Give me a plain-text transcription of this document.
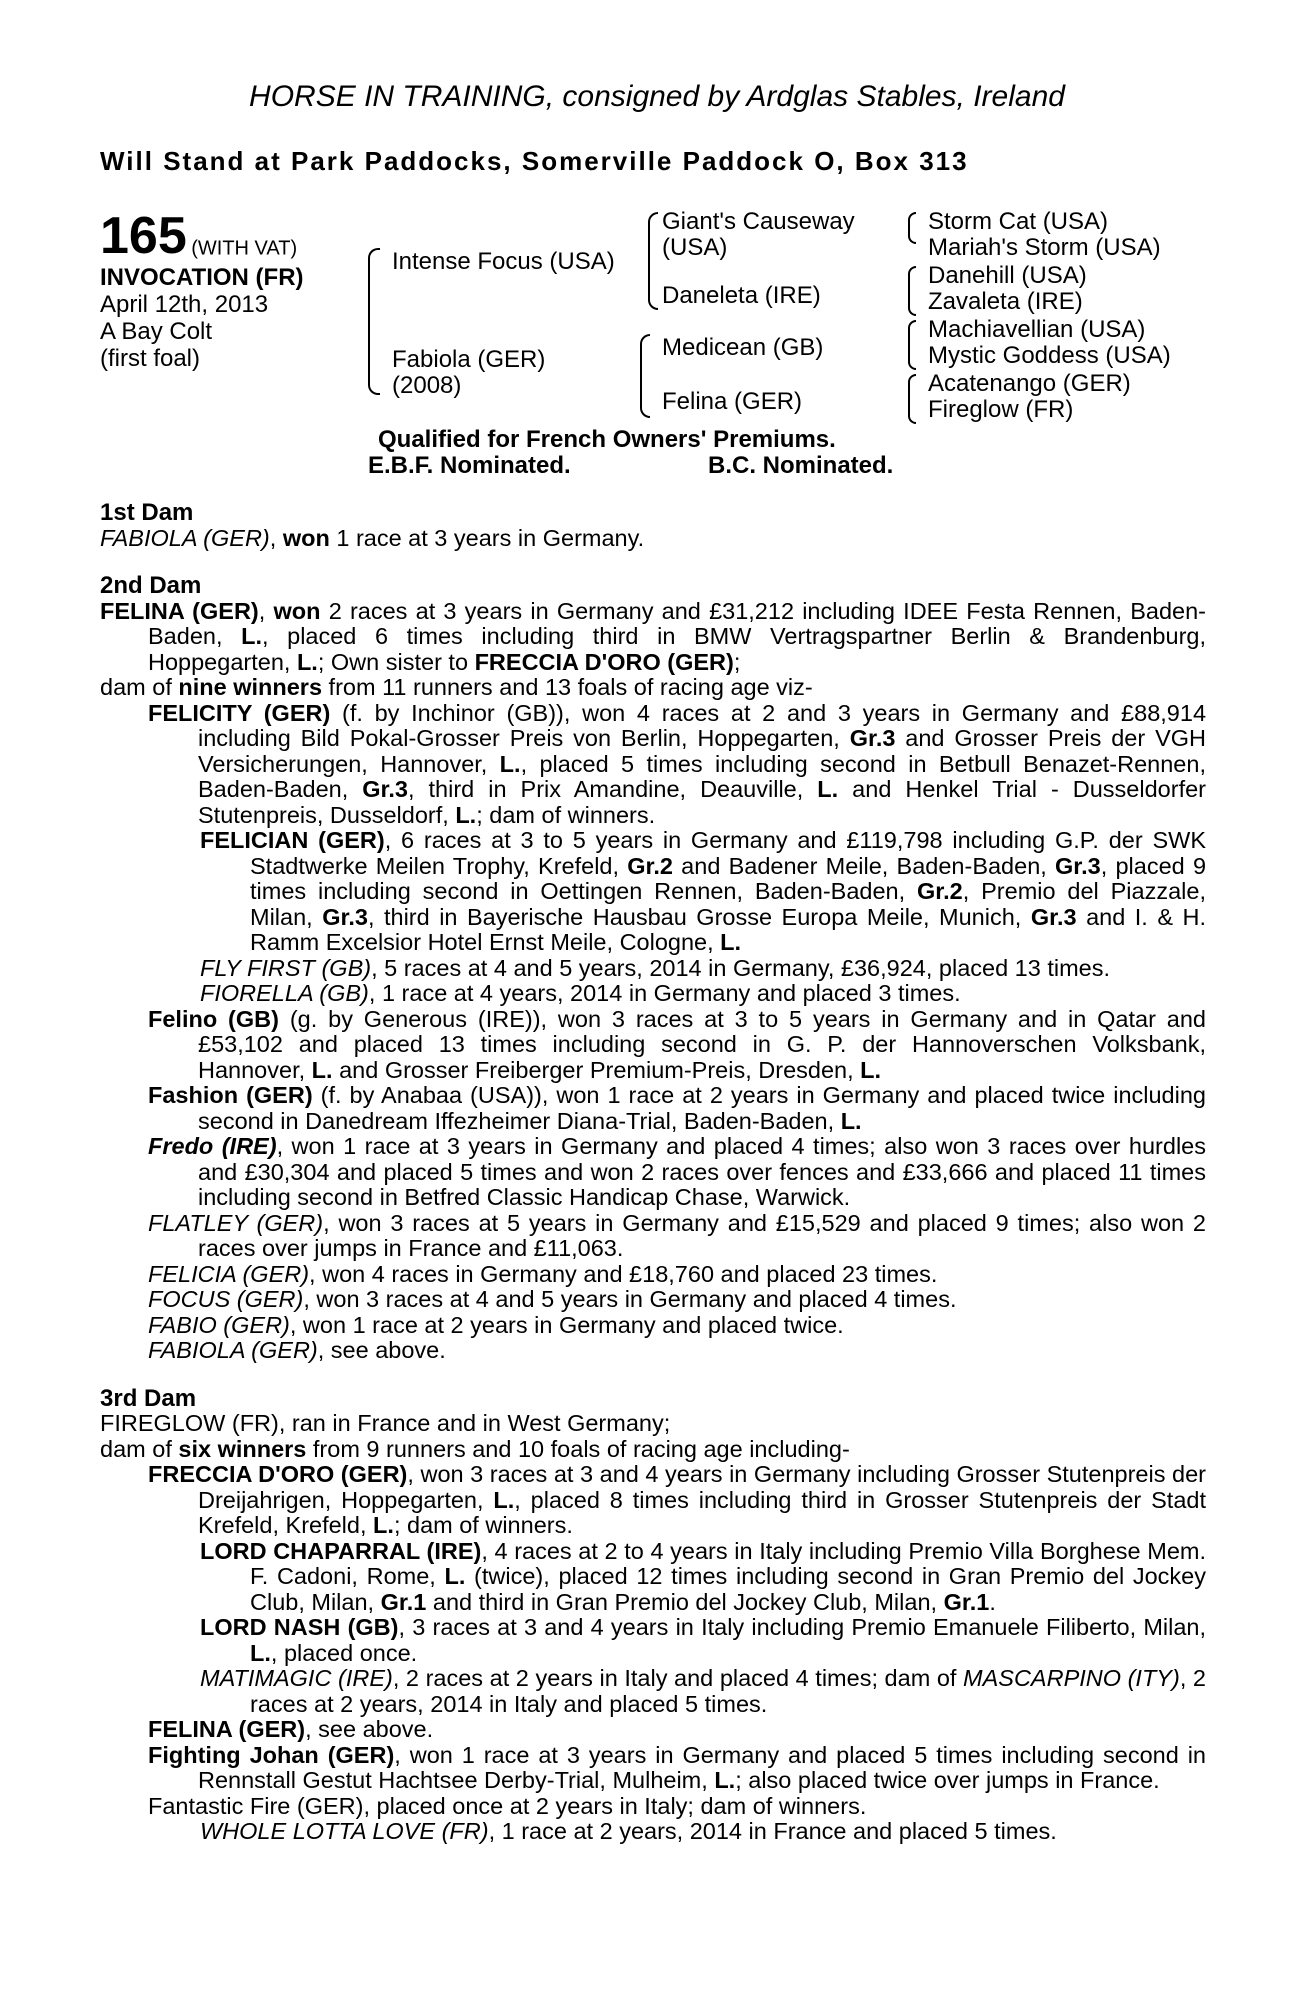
HORSE IN TRAINING, consigned by Ardglas Stables, Ireland
Will Stand at Park Paddocks, Somerville Paddock O, Box 313
165 (WITH VAT)
INVOCATION (FR)
April 12th, 2013
A Bay Colt
(first foal)
Intense Focus (USA)
Fabiola (GER)
(2008)
Giant's Causeway
(USA)
Daneleta (IRE)
Medicean (GB)
Felina (GER)
Storm Cat (USA)
Mariah's Storm (USA)
Danehill (USA)
Zavaleta (IRE)
Machiavellian (USA)
Mystic Goddess (USA)
Acatenango (GER)
Fireglow (FR)
Qualified for French Owners' Premiums.
E.B.F. Nominated.	B.C. Nominated.
1st Dam

FABIOLA (GER), won 1 race at 3 years in Germany.

2nd Dam

FELINA (GER), won 2 races at 3 years in Germany and £31,212 including IDEE Festa Rennen, Baden-Baden, L., placed 6 times including third in BMW Vertragspartner Berlin & Brandenburg, Hoppegarten, L.; Own sister to FRECCIA D'ORO (GER);

dam of nine winners from 11 runners and 13 foals of racing age viz-

FELICITY (GER) (f. by Inchinor (GB)), won 4 races at 2 and 3 years in Germany and £88,914 including Bild Pokal-Grosser Preis von Berlin, Hoppegarten, Gr.3 and Grosser Preis der VGH Versicherungen, Hannover, L., placed 5 times including second in Betbull Benazet-Rennen, Baden-Baden, Gr.3, third in Prix Amandine, Deauville, L. and Henkel Trial - Dusseldorfer Stutenpreis, Dusseldorf, L.; dam of winners.

FELICIAN (GER), 6 races at 3 to 5 years in Germany and £119,798 including G.P. der SWK Stadtwerke Meilen Trophy, Krefeld, Gr.2 and Badener Meile, Baden-Baden, Gr.3, placed 9 times including second in Oettingen Rennen, Baden-Baden, Gr.2, Premio del Piazzale, Milan, Gr.3, third in Bayerische Hausbau Grosse Europa Meile, Munich, Gr.3 and I. & H. Ramm Excelsior Hotel Ernst Meile, Cologne, L.

FLY FIRST (GB), 5 races at 4 and 5 years, 2014 in Germany, £36,924, placed 13 times.

FIORELLA (GB), 1 race at 4 years, 2014 in Germany and placed 3 times.

Felino (GB) (g. by Generous (IRE)), won 3 races at 3 to 5 years in Germany and in Qatar and £53,102 and placed 13 times including second in G. P. der Hannoverschen Volksbank, Hannover, L. and Grosser Freiberger Premium-Preis, Dresden, L.

Fashion (GER) (f. by Anabaa (USA)), won 1 race at 2 years in Germany and placed twice including second in Danedream Iffezheimer Diana-Trial, Baden-Baden, L.

Fredo (IRE), won 1 race at 3 years in Germany and placed 4 times; also won 3 races over hurdles and £30,304 and placed 5 times and won 2 races over fences and £33,666 and placed 11 times including second in Betfred Classic Handicap Chase, Warwick.

FLATLEY (GER), won 3 races at 5 years in Germany and £15,529 and placed 9 times; also won 2 races over jumps in France and £11,063.

FELICIA (GER), won 4 races in Germany and £18,760 and placed 23 times.

FOCUS (GER), won 3 races at 4 and 5 years in Germany and placed 4 times.

FABIO (GER), won 1 race at 2 years in Germany and placed twice.

FABIOLA (GER), see above.

3rd Dam

FIREGLOW (FR), ran in France and in West Germany;

dam of six winners from 9 runners and 10 foals of racing age including-

FRECCIA D'ORO (GER), won 3 races at 3 and 4 years in Germany including Grosser Stutenpreis der Dreijahrigen, Hoppegarten, L., placed 8 times including third in Grosser Stutenpreis der Stadt Krefeld, Krefeld, L.; dam of winners.

LORD CHAPARRAL (IRE), 4 races at 2 to 4 years in Italy including Premio Villa Borghese Mem. F. Cadoni, Rome, L. (twice), placed 12 times including second in Gran Premio del Jockey Club, Milan, Gr.1 and third in Gran Premio del Jockey Club, Milan, Gr.1.

LORD NASH (GB), 3 races at 3 and 4 years in Italy including Premio Emanuele Filiberto, Milan, L., placed once.

MATIMAGIC (IRE), 2 races at 2 years in Italy and placed 4 times; dam of MASCARPINO (ITY), 2 races at 2 years, 2014 in Italy and placed 5 times.

FELINA (GER), see above.

Fighting Johan (GER), won 1 race at 3 years in Germany and placed 5 times including second in Rennstall Gestut Hachtsee Derby-Trial, Mulheim, L.; also placed twice over jumps in France.

Fantastic Fire (GER), placed once at 2 years in Italy; dam of winners.

WHOLE LOTTA LOVE (FR), 1 race at 2 years, 2014 in France and placed 5 times.
